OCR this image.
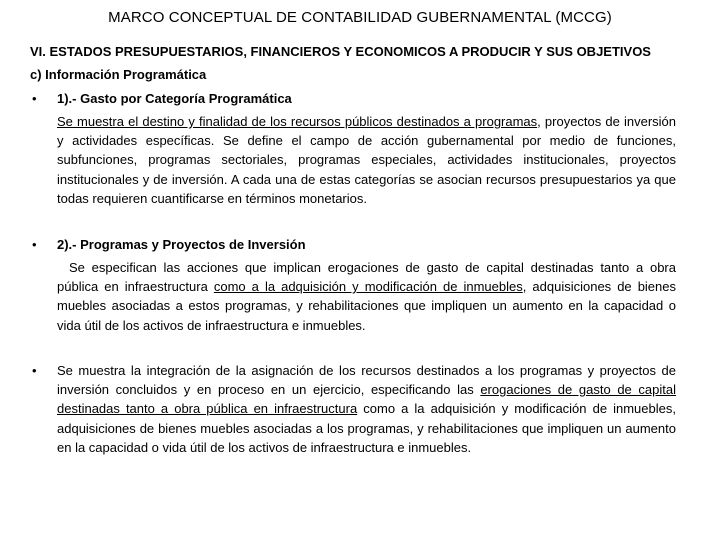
MARCO CONCEPTUAL DE CONTABILIDAD GUBERNAMENTAL (MCCG)
VI. ESTADOS PRESUPUESTARIOS, FINANCIEROS Y ECONOMICOS A PRODUCIR Y SUS OBJETIVOS
c) Información Programática
• 1).- Gasto por Categoría Programática

Se muestra el destino y finalidad de los recursos públicos destinados a programas, proyectos de inversión y actividades específicas. Se define el campo de acción gubernamental por medio de funciones, subfunciones, programas sectoriales, programas especiales, actividades institucionales, proyectos institucionales y de inversión. A cada una de estas categorías se asocian recursos presupuestarios ya que todas requieren cuantificarse en términos monetarios.

• 2).- Programas y Proyectos de Inversión

Se especifican las acciones que implican erogaciones de gasto de capital destinadas tanto a obra pública en infraestructura como a la adquisición y modificación de inmuebles, adquisiciones de bienes muebles asociadas a estos programas, y rehabilitaciones que impliquen un aumento en la capacidad o vida útil de los activos de infraestructura e inmuebles.

• Se muestra la integración de la asignación de los recursos destinados a los programas y proyectos de inversión concluidos y en proceso en un ejercicio, especificando las erogaciones de gasto de capital destinadas tanto a obra pública en infraestructura como a la adquisición y modificación de inmuebles, adquisiciones de bienes muebles asociadas a los programas, y rehabilitaciones que impliquen un aumento en la capacidad o vida útil de los activos de infraestructura e inmuebles.
